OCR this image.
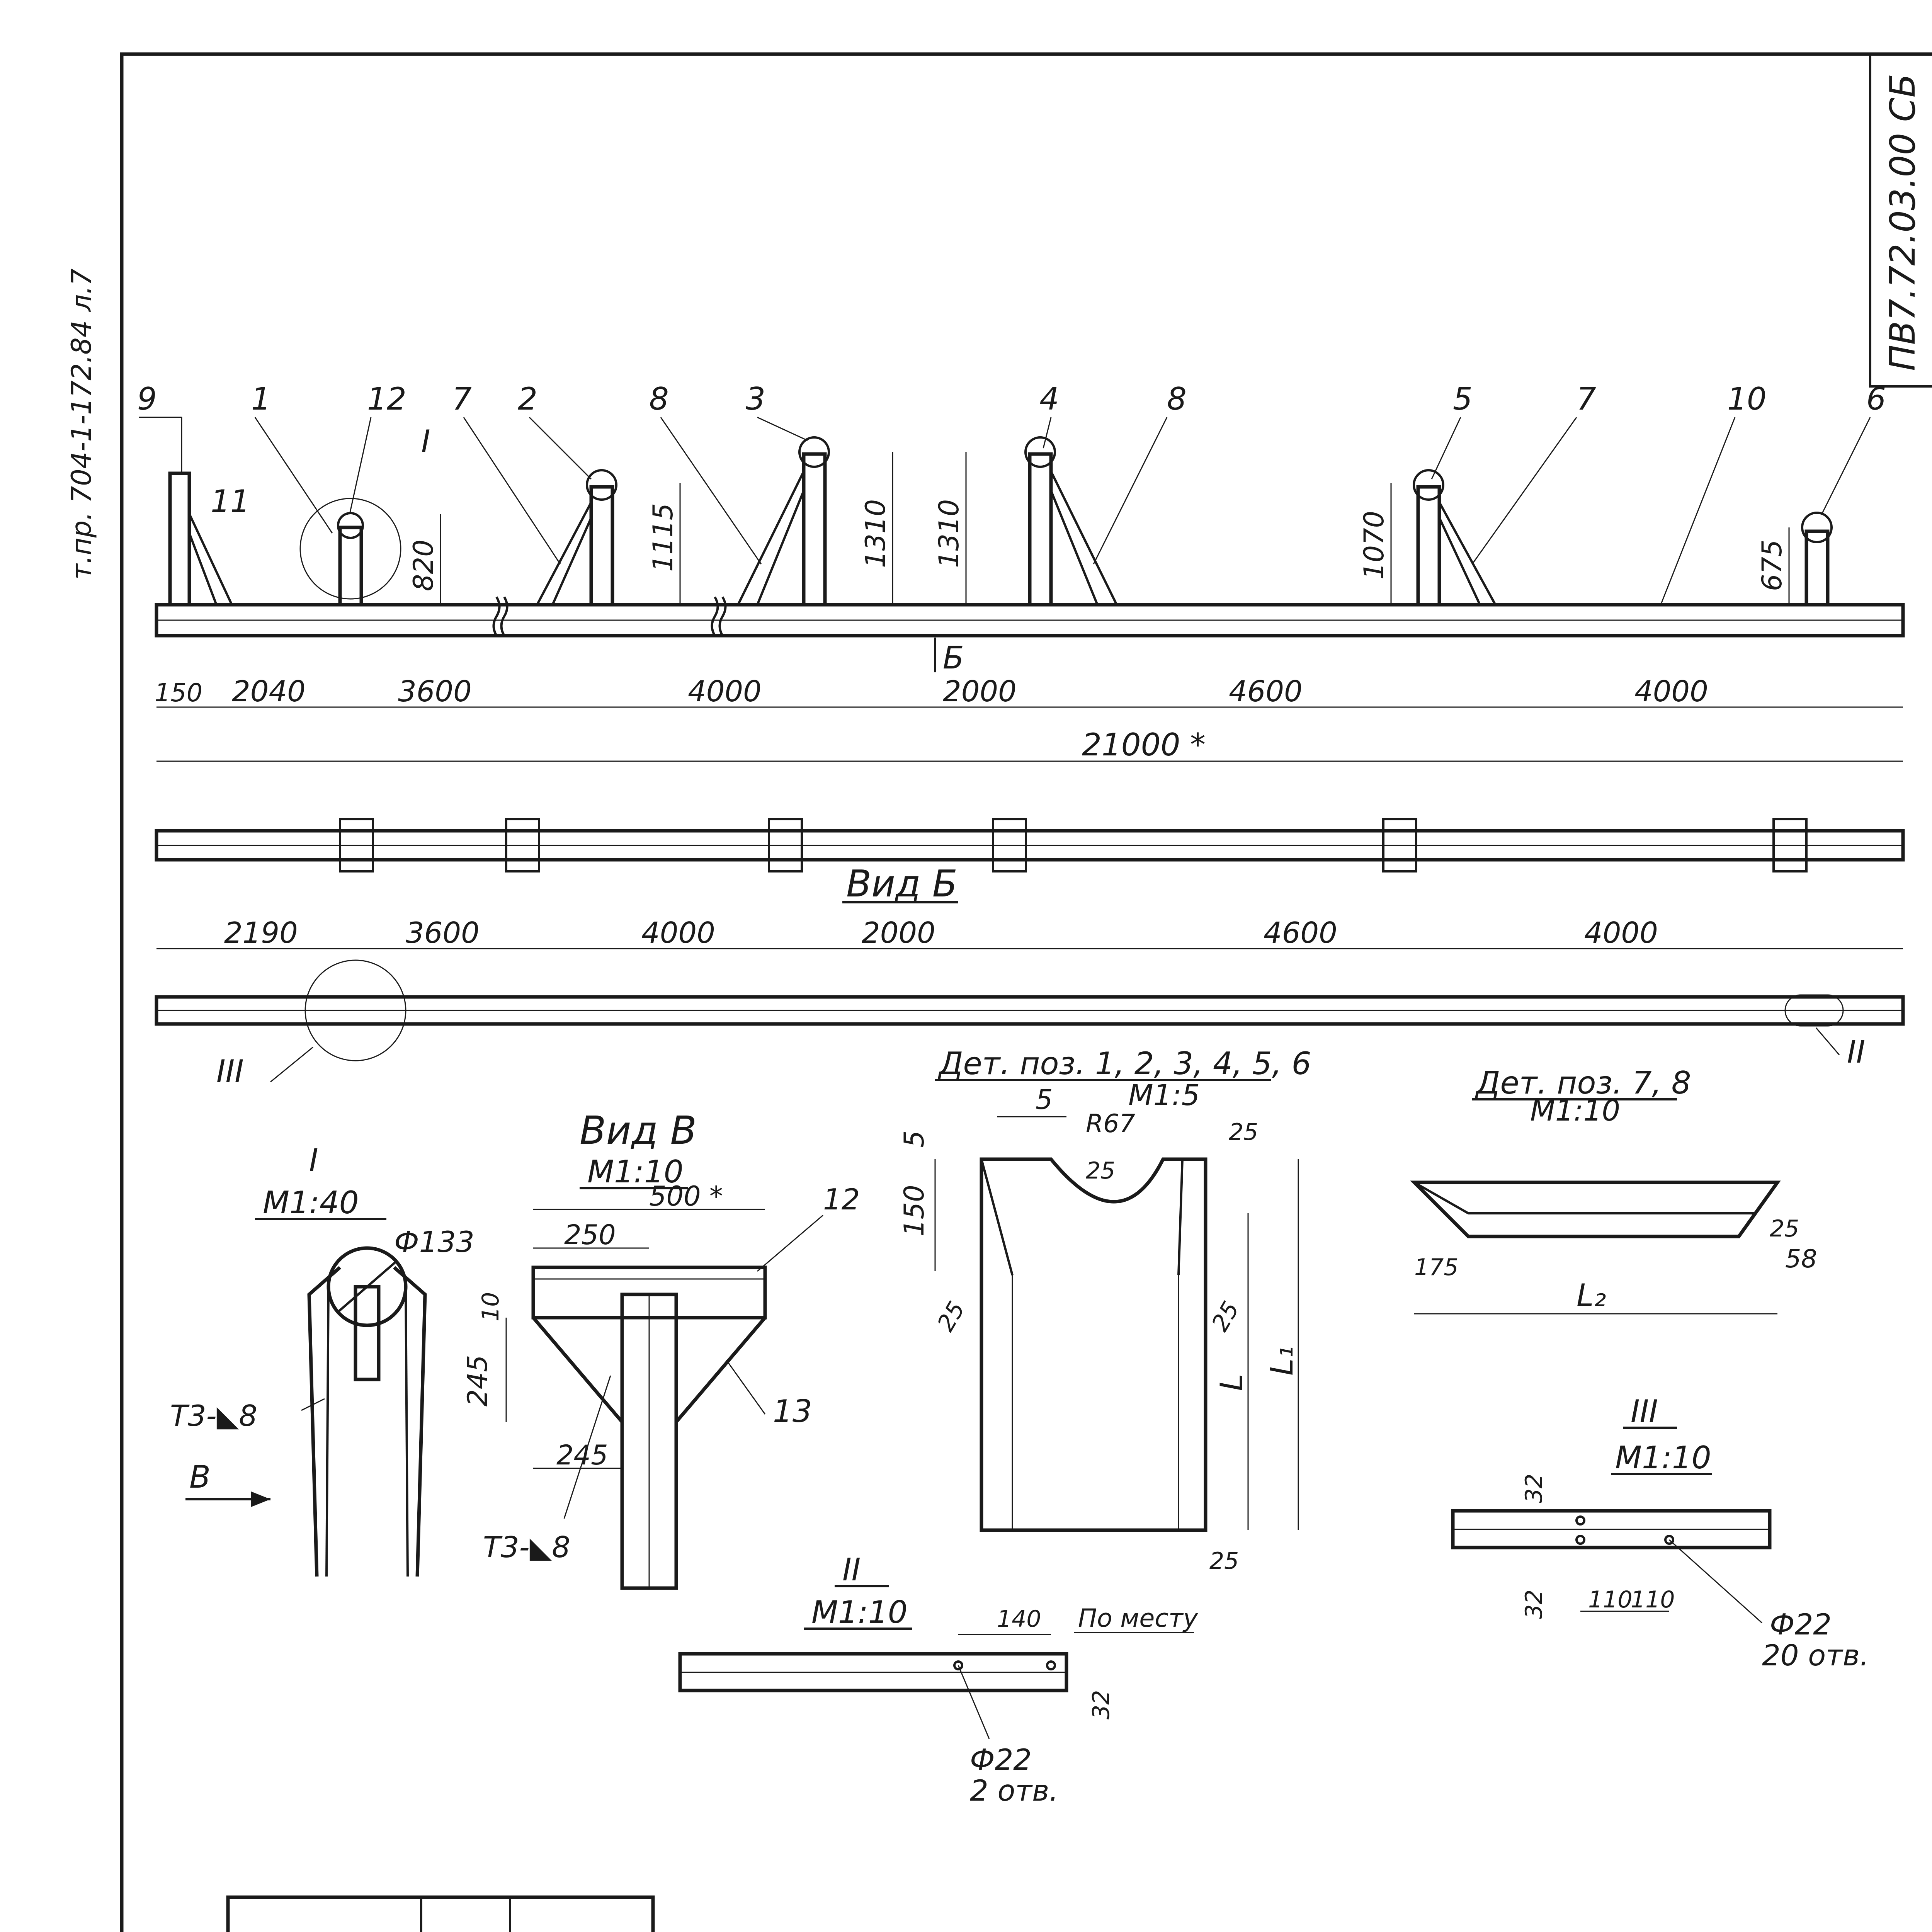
т.пр. 704-1-172.84 л.7
ПВ7.72.03.00 СБ
9
11
1	12
I
7 2	8 3	4	8	5	7	10	6
820	1115	1310 1310	1070	675
Б
150 2040	3600	4000	2000	4600	4000
21000 *
Вид Б
2190	3600	4000	2000	4600	4000
III
II
I
M1:40
Ф133
Т3-◣8
В
Вид В
M1:10
500 *
250
12
10
245
13
245
Т3-◣8
Дет. поз. 1, 2, 3, 4, 5, 6
M1:5
5
5
R67
25
150
25
25	25
25
L
L₁
Дет. поз. 7, 8
M1:10
175
25
58
L₂
III
M1:10
32
32 110
110
Ф22
20 отв.
II
M1:10	140 По месту
32
Ф22
2 отв.
